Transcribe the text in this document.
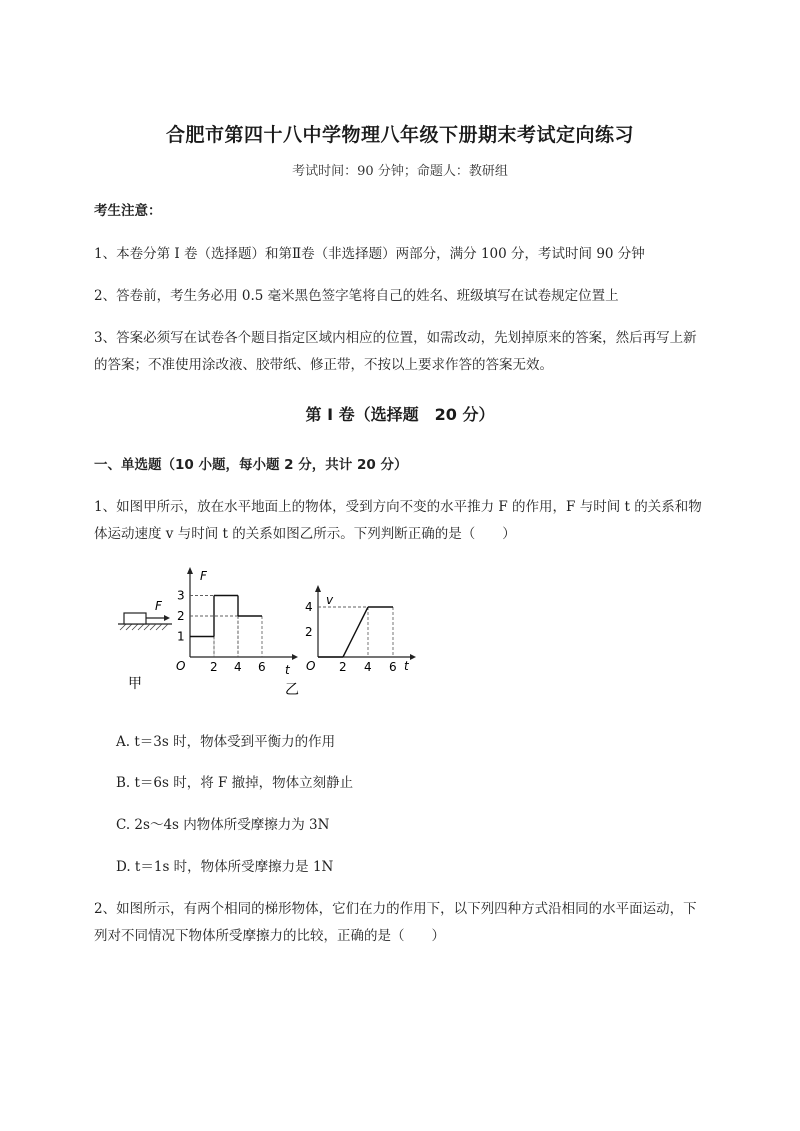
合肥市第四十八中学物理八年级下册期末考试定向练习
考试时间：90 分钟；命题人：教研组
考生注意：
1、本卷分第 I 卷（选择题）和第Ⅱ卷（非选择题）两部分，满分 100 分，考试时间 90 分钟
2、答卷前，考生务必用 0.5 毫米黑色签字笔将自己的姓名、班级填写在试卷规定位置上
3、答案必须写在试卷各个题目指定区域内相应的位置，如需改动，先划掉原来的答案，然后再写上新
的答案；不准使用涂改液、胶带纸、修正带，不按以上要求作答的答案无效。
第 I 卷（选择题　20 分）
一、单选题（10 小题，每小题 2 分，共计 20 分）
1、如图甲所示，放在水平地面上的物体，受到方向不变的水平推力 F 的作用，F 与时间 t 的关系和物
体运动速度 v 与时间 t 的关系如图乙所示。下列判断正确的是（　　）
F
甲
F
t
O
1
2
3
2 4 6
v
t
O
2
4
2 4 6
乙
A. t＝3s 时，物体受到平衡力的作用
B. t＝6s 时，将 F 撤掉，物体立刻静止
C. 2s～4s 内物体所受摩擦力为 3N
D. t＝1s 时，物体所受摩擦力是 1N
2、如图所示，有两个相同的梯形物体，它们在力的作用下，以下列四种方式沿相同的水平面运动，下
列对不同情况下物体所受摩擦力的比较，正确的是（　　）
